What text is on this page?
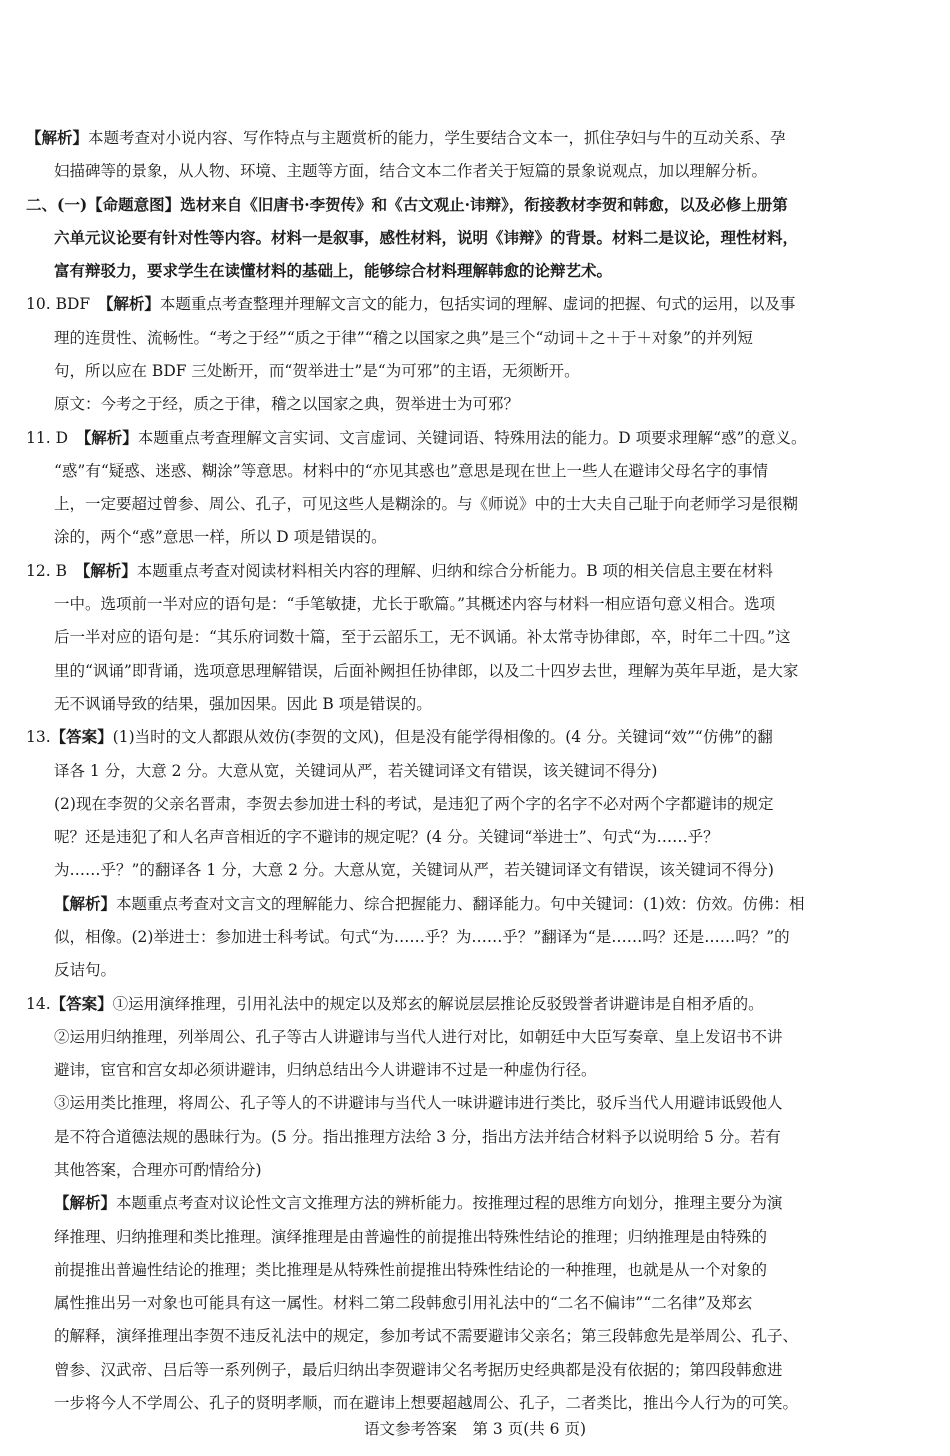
【解析】本题考查对小说内容、写作特点与主题赏析的能力，学生要结合文本一，抓住孕妇与牛的互动关系、孕
妇描碑等的景象，从人物、环境、主题等方面，结合文本二作者关于短篇的景象说观点，加以理解分析。
二、(一)【命题意图】选材来自《旧唐书·李贺传》和《古文观止·讳辩》，衔接教材李贺和韩愈，以及必修上册第
六单元议论要有针对性等内容。材料一是叙事，感性材料，说明《讳辩》的背景。材料二是议论，理性材料，
富有辩驳力，要求学生在读懂材料的基础上，能够综合材料理解韩愈的论辩艺术。
10. BDF　【解析】本题重点考查整理并理解文言文的能力，包括实词的理解、虚词的把握、句式的运用，以及事
理的连贯性、流畅性。“考之于经”“质之于律”“稽之以国家之典”是三个“动词＋之＋于＋对象”的并列短
句，所以应在 BDF 三处断开，而“贺举进士”是“为可邪”的主语，无须断开。
原文：今考之于经，质之于律，稽之以国家之典，贺举进士为可邪？
11. D　【解析】本题重点考查理解文言实词、文言虚词、关键词语、特殊用法的能力。D 项要求理解“惑”的意义。
“惑”有“疑惑、迷惑、糊涂”等意思。材料中的“亦见其惑也”意思是现在世上一些人在避讳父母名字的事情
上，一定要超过曾参、周公、孔子，可见这些人是糊涂的。与《师说》中的士大夫自己耻于向老师学习是很糊
涂的，两个“惑”意思一样，所以 D 项是错误的。
12. B　【解析】本题重点考查对阅读材料相关内容的理解、归纳和综合分析能力。B 项的相关信息主要在材料
一中。选项前一半对应的语句是：“手笔敏捷，尤长于歌篇。”其概述内容与材料一相应语句意义相合。选项
后一半对应的语句是：“其乐府词数十篇，至于云韶乐工，无不讽诵。补太常寺协律郎，卒，时年二十四。”这
里的“讽诵”即背诵，选项意思理解错误，后面补阙担任协律郎，以及二十四岁去世，理解为英年早逝，是大家
无不讽诵导致的结果，强加因果。因此 B 项是错误的。
13.【答案】(1)当时的文人都跟从效仿(李贺的文风)，但是没有能学得相像的。(4 分。关键词“效”“仿佛”的翻
译各 1 分，大意 2 分。大意从宽，关键词从严，若关键词译文有错误，该关键词不得分)
(2)现在李贺的父亲名晋肃，李贺去参加进士科的考试，是违犯了两个字的名字不必对两个字都避讳的规定
呢？还是违犯了和人名声音相近的字不避讳的规定呢？(4 分。关键词“举进士”、句式“为……乎？
为……乎？”的翻译各 1 分，大意 2 分。大意从宽，关键词从严，若关键词译文有错误，该关键词不得分)
【解析】本题重点考查对文言文的理解能力、综合把握能力、翻译能力。句中关键词：(1)效：仿效。仿佛：相
似，相像。(2)举进士：参加进士科考试。句式“为……乎？为……乎？”翻译为“是……吗？还是……吗？”的
反诘句。
14.【答案】①运用演绎推理，引用礼法中的规定以及郑玄的解说层层推论反驳毁誉者讲避讳是自相矛盾的。
②运用归纳推理，列举周公、孔子等古人讲避讳与当代人进行对比，如朝廷中大臣写奏章、皇上发诏书不讲
避讳，宦官和宫女却必须讲避讳，归纳总结出今人讲避讳不过是一种虚伪行径。
③运用类比推理，将周公、孔子等人的不讲避讳与当代人一味讲避讳进行类比，驳斥当代人用避讳诋毁他人
是不符合道德法规的愚昧行为。(5 分。指出推理方法给 3 分，指出方法并结合材料予以说明给 5 分。若有
其他答案，合理亦可酌情给分)
【解析】本题重点考查对议论性文言文推理方法的辨析能力。按推理过程的思维方向划分，推理主要分为演
绎推理、归纳推理和类比推理。演绎推理是由普遍性的前提推出特殊性结论的推理；归纳推理是由特殊的
前提推出普遍性结论的推理；类比推理是从特殊性前提推出特殊性结论的一种推理，也就是从一个对象的
属性推出另一对象也可能具有这一属性。材料二第二段韩愈引用礼法中的“二名不偏讳”“二名律”及郑玄
的解释，演绎推理出李贺不违反礼法中的规定，参加考试不需要避讳父亲名；第三段韩愈先是举周公、孔子、
曾参、汉武帝、吕后等一系列例子，最后归纳出李贺避讳父名考据历史经典都是没有依据的；第四段韩愈进
一步将今人不学周公、孔子的贤明孝顺，而在避讳上想要超越周公、孔子，二者类比，推出今人行为的可笑。
语文参考答案　第 3 页(共 6 页)
